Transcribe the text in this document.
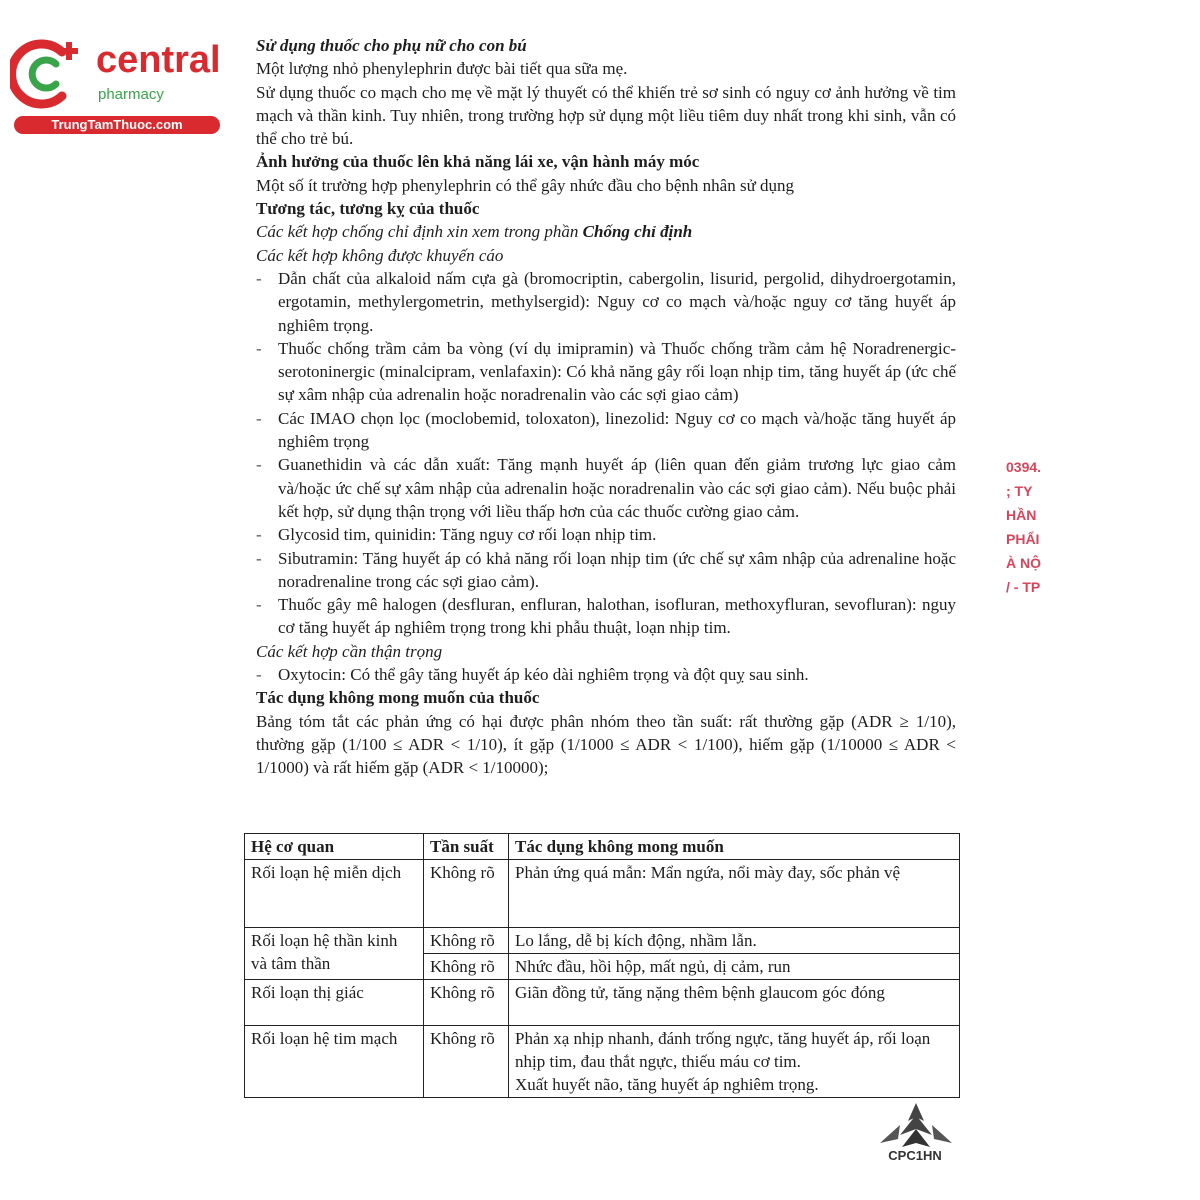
central
pharmacy
TrungTamThuoc.com

Sử dụng thuốc cho phụ nữ cho con bú

Một lượng nhỏ phenylephrin được bài tiết qua sữa mẹ.

Sử dụng thuốc co mạch cho mẹ về mặt lý thuyết có thể khiến trẻ sơ sinh có nguy cơ ảnh hưởng về tim mạch và thần kinh. Tuy nhiên, trong trường hợp sử dụng một liều tiêm duy nhất trong khi sinh, vẫn có thể cho trẻ bú.

Ảnh hưởng của thuốc lên khả năng lái xe, vận hành máy móc

Một số ít trường hợp phenylephrin có thể gây nhức đầu cho bệnh nhân sử dụng

Tương tác, tương kỵ của thuốc

Các kết hợp chống chỉ định xin xem trong phần Chống chỉ định

Các kết hợp không được khuyến cáo

- Dẫn chất của alkaloid nấm cựa gà (bromocriptin, cabergolin, lisurid, pergolid, dihydroergotamin, ergotamin, methylergometrin, methylsergid): Nguy cơ co mạch và/hoặc nguy cơ tăng huyết áp nghiêm trọng.
- Thuốc chống trầm cảm ba vòng (ví dụ imipramin) và Thuốc chống trầm cảm hệ Noradrenergic-serotoninergic (minalcipram, venlafaxin): Có khả năng gây rối loạn nhịp tim, tăng huyết áp (ức chế sự xâm nhập của adrenalin hoặc noradrenalin vào các sợi giao cảm)
- Các IMAO chọn lọc (moclobemid, toloxaton), linezolid: Nguy cơ co mạch và/hoặc tăng huyết áp nghiêm trọng
- Guanethidin và các dẫn xuất: Tăng mạnh huyết áp (liên quan đến giảm trương lực giao cảm và/hoặc ức chế sự xâm nhập của adrenalin hoặc noradrenalin vào các sợi giao cảm). Nếu buộc phải kết hợp, sử dụng thận trọng với liều thấp hơn của các thuốc cường giao cảm.
- Glycosid tim, quinidin: Tăng nguy cơ rối loạn nhịp tim.
- Sibutramin: Tăng huyết áp có khả năng rối loạn nhịp tim (ức chế sự xâm nhập của adrenaline hoặc noradrenaline trong các sợi giao cảm).
- Thuốc gây mê halogen (desfluran, enfluran, halothan, isofluran, methoxyfluran, sevofluran): nguy cơ tăng huyết áp nghiêm trọng trong khi phẫu thuật, loạn nhịp tim.

Các kết hợp cần thận trọng

- Oxytocin: Có thể gây tăng huyết áp kéo dài nghiêm trọng và đột quỵ sau sinh.

Tác dụng không mong muốn của thuốc

Bảng tóm tắt các phản ứng có hại được phân nhóm theo tần suất: rất thường gặp (ADR ≥ 1/10), thường gặp (1/100 ≤ ADR < 1/10), ít gặp (1/1000 ≤ ADR < 1/100), hiếm gặp (1/10000 ≤ ADR < 1/1000) và rất hiếm gặp (ADR < 1/10000);

Hệ cơ quan	Tần suất	Tác dụng không mong muốn
Rối loạn hệ miễn dịch	Không rõ	Phản ứng quá mẫn: Mẩn ngứa, nổi mày đay, sốc phản vệ
Rối loạn hệ thần kinh và tâm thần	Không rõ	Lo lắng, dễ bị kích động, nhầm lẫn.
	Không rõ	Nhức đầu, hồi hộp, mất ngủ, dị cảm, run
Rối loạn thị giác	Không rõ	Giãn đồng tử, tăng nặng thêm bệnh glaucom góc đóng
Rối loạn hệ tim mạch	Không rõ	Phản xạ nhịp nhanh, đánh trống ngực, tăng huyết áp, rối loạn nhịp tim, đau thắt ngực, thiếu máu cơ tim.
Xuất huyết não, tăng huyết áp nghiêm trọng.
0394.
; TY
HẦN
PHẨI
À NỘ
/ - TP
CPC1HN
